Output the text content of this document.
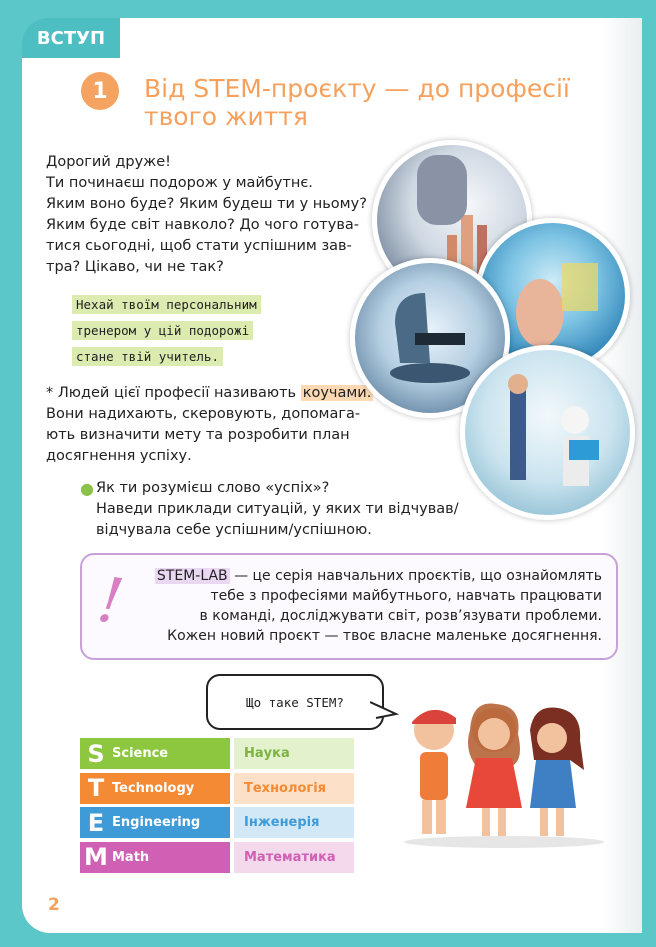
ВСТУП
1	Від STEM-проєкту — до професії твого життя

Дорогий друже!

Ти починаєш подорож у майбутнє.

Яким воно буде? Яким будеш ти у ньому?

Яким буде світ навколо? До чого готува-

тися сьогодні, щоб стати успішним зав-

тра? Цікаво, чи не так?

Нехай твоїм персональним
тренером у цій подорожі
стане твій учитель.
* Людей цієї професії називають коучами.
Вони надихають, скеровують, допомага-
ють визначити мету та розробити план
досягнення успіху.
● Як ти розумієш слово «успіх»?
Наведи приклади ситуацій, у яких ти відчував/
відчувала себе успішним/успішною.
!	STEM-LAB — це серія навчальних проєктів, що ознайомлять
тебе з професіями майбутнього, навчать працювати
в команді, досліджувати світ, розв’язувати проблеми.
Кожен новий проєкт — твоє власне маленьке досягнення.
Що таке STEM?
S Science	Наука
T Technology	Технологія
E Engineering	Інженерія
M Math	Математика
2
